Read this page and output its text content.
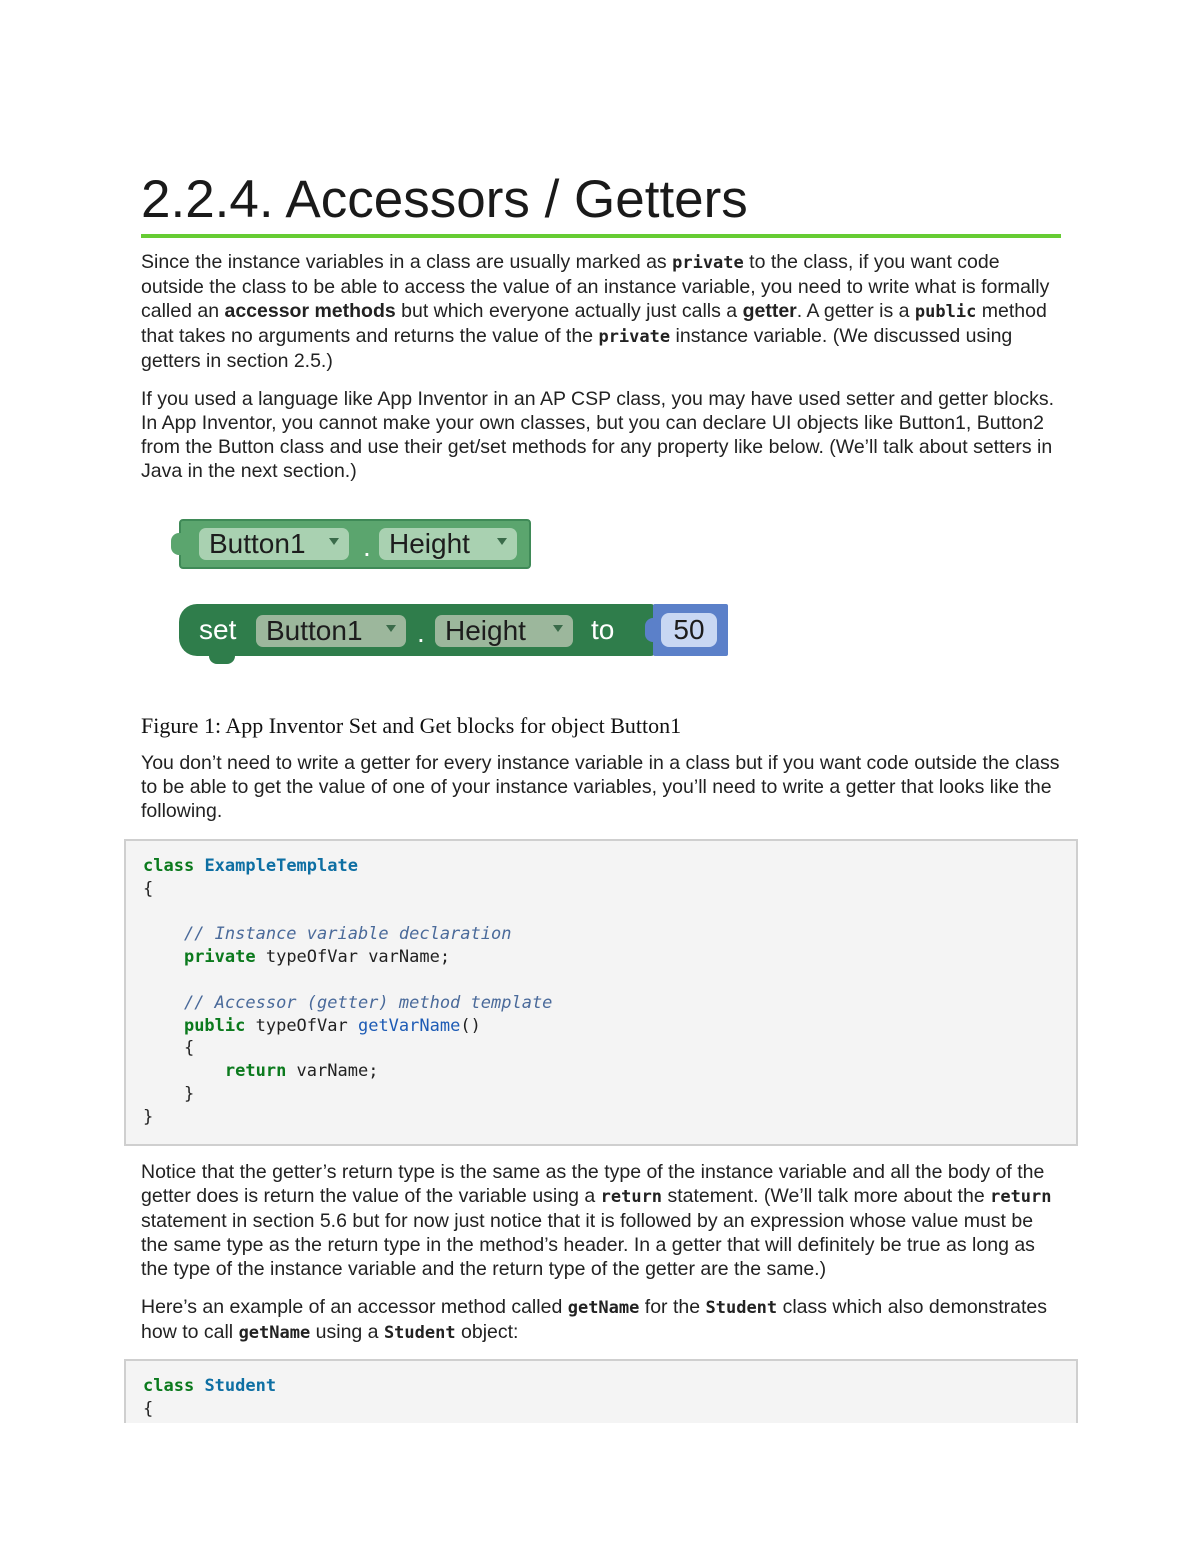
2.2.4. Accessors / Getters

Since the instance variables in a class are usually marked as private to the class, if you want code outside the class to be able to access the value of an instance variable, you need to write what is formally called an accessor methods but which everyone actually just calls a getter. A getter is a public method that takes no arguments and returns the value of the private instance variable. (We discussed using getters in section 2.5.)

If you used a language like App Inventor in an AP CSP class, you may have used setter and getter blocks. In App Inventor, you cannot make your own classes, but you can declare UI objects like Button1, Button2 from the Button class and use their get/set methods for any property like below. (We’ll talk about setters in Java in the next section.)

Button1	. Height
set	Button1	. Height	to	50

Figure 1: App Inventor Set and Get blocks for object Button1

You don’t need to write a getter for every instance variable in a class but if you want code outside the class to be able to get the value of one of your instance variables, you’ll need to write a getter that looks like the following.

class ExampleTemplate
{

// Instance variable declaration
private typeOfVar varName;

// Accessor (getter) method template
public typeOfVar getVarName()
{
return varName;
}
}

Notice that the getter’s return type is the same as the type of the instance variable and all the body of the getter does is return the value of the variable using a return statement. (We’ll talk more about the return statement in section 5.6 but for now just notice that it is followed by an expression whose value must be the same type as the return type in the method’s header. In a getter that will definitely be true as long as the type of the instance variable and the return type of the getter are the same.)

Here’s an example of an accessor method called getName for the Student class which also demonstrates how to call getName using a Student object:

class Student
{
